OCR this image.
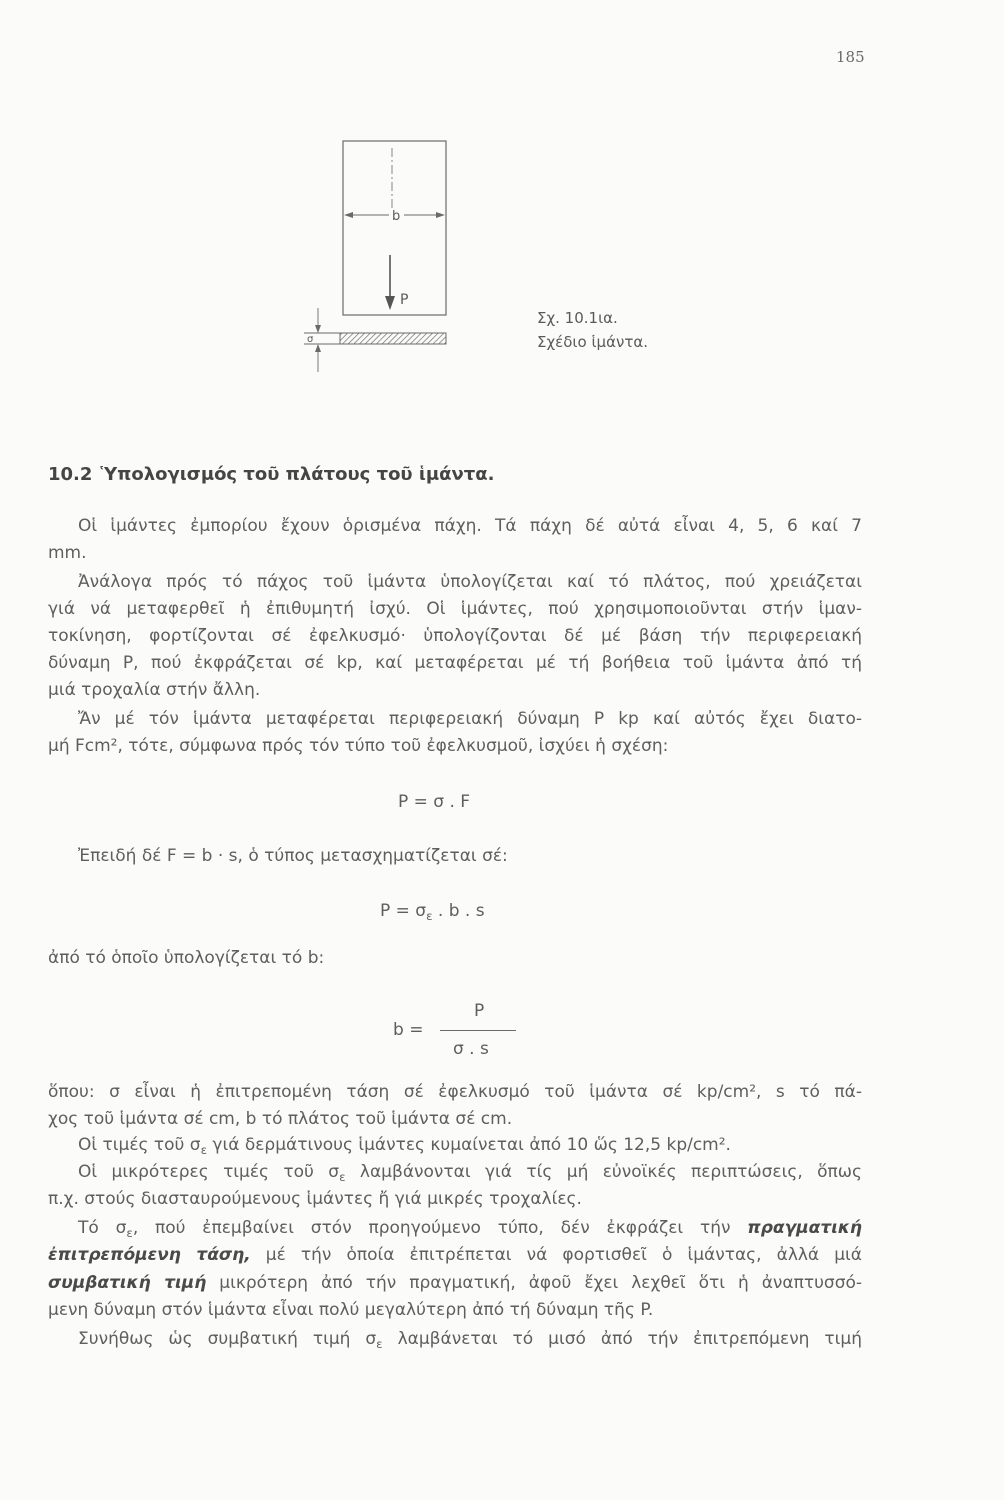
185
b
P
σ
Σχ. 10.1ια.
Σχέδιο ἱμάντα.
10.2 Ὑπολογισμός τοῦ πλάτους τοῦ ἱμάντα.
Οἱ ἱμάντες ἐμπορίου ἔχουν ὁρισμένα πάχη. Τά πάχη δέ αὐτά εἶναι 4, 5, 6 καί 7
mm.
Ἀνάλογα πρός τό πάχος τοῦ ἱμάντα ὑπολογίζεται καί τό πλάτος, πού χρειάζεται
γιά νά μεταφερθεῖ ἡ ἐπιθυμητή ἰσχύ. Οἱ ἱμάντες, πού χρησιμοποιοῦνται στήν ἱμαν-
τοκίνηση, φορτίζονται σέ ἐφελκυσμό· ὑπολογίζονται δέ μέ βάση τήν περιφερειακή
δύναμη P, πού ἐκφράζεται σέ kp, καί μεταφέρεται μέ τή βοήθεια τοῦ ἱμάντα ἀπό τή
μιά τροχαλία στήν ἄλλη.
Ἄν μέ τόν ἱμάντα μεταφέρεται περιφερειακή δύναμη P kp καί αὐτός ἔχει διατο-
μή Fcm², τότε, σύμφωνα πρός τόν τύπο τοῦ ἐφελκυσμοῦ, ἰσχύει ἡ σχέση:
P = σ . F
Ἐπειδή δέ F = b · s, ὁ τύπος μετασχηματίζεται σέ:
$P = \sigma_\varepsilon$ . b . s
ἀπό τό ὁποῖο ὑπολογίζεται τό b:
b =
P
σ . s
ὅπου: σ εἶναι ἡ ἐπιτρεπομένη τάση σέ ἐφελκυσμό τοῦ ἱμάντα σέ kp/cm², s τό πά-
χος τοῦ ἱμάντα σέ cm, b τό πλάτος τοῦ ἱμάντα σέ cm.
Οἱ τιμές τοῦ $\sigma_\varepsilon$ γιά δερμάτινους ἱμάντες κυμαίνεται ἀπό 10 ὥς 12,5 kp/cm².
Οἱ μικρότερες τιμές τοῦ $\sigma_\varepsilon$ λαμβάνονται γιά τίς μή εὐνοϊκές περιπτώσεις, ὅπως
π.χ. στούς διασταυρούμενους ἱμάντες ἤ γιά μικρές τροχαλίες.
Τό $\sigma_\varepsilon$, πού ἐπεμβαίνει στόν προηγούμενο τύπο, δέν ἐκφράζει τήν πραγματική
ἐπιτρεπόμενη τάση, μέ τήν ὁποία ἐπιτρέπεται νά φορτισθεῖ ὁ ἱμάντας, ἀλλά μιά
συμβατική τιμή μικρότερη ἀπό τήν πραγματική, ἀφοῦ ἔχει λεχθεῖ ὅτι ἡ ἀναπτυσσό-
μενη δύναμη στόν ἱμάντα εἶναι πολύ μεγαλύτερη ἀπό τή δύναμη τῆς P.
Συνήθως ὡς συμβατική τιμή $\sigma_\varepsilon$ λαμβάνεται τό μισό ἀπό τήν ἐπιτρεπόμενη τιμή
